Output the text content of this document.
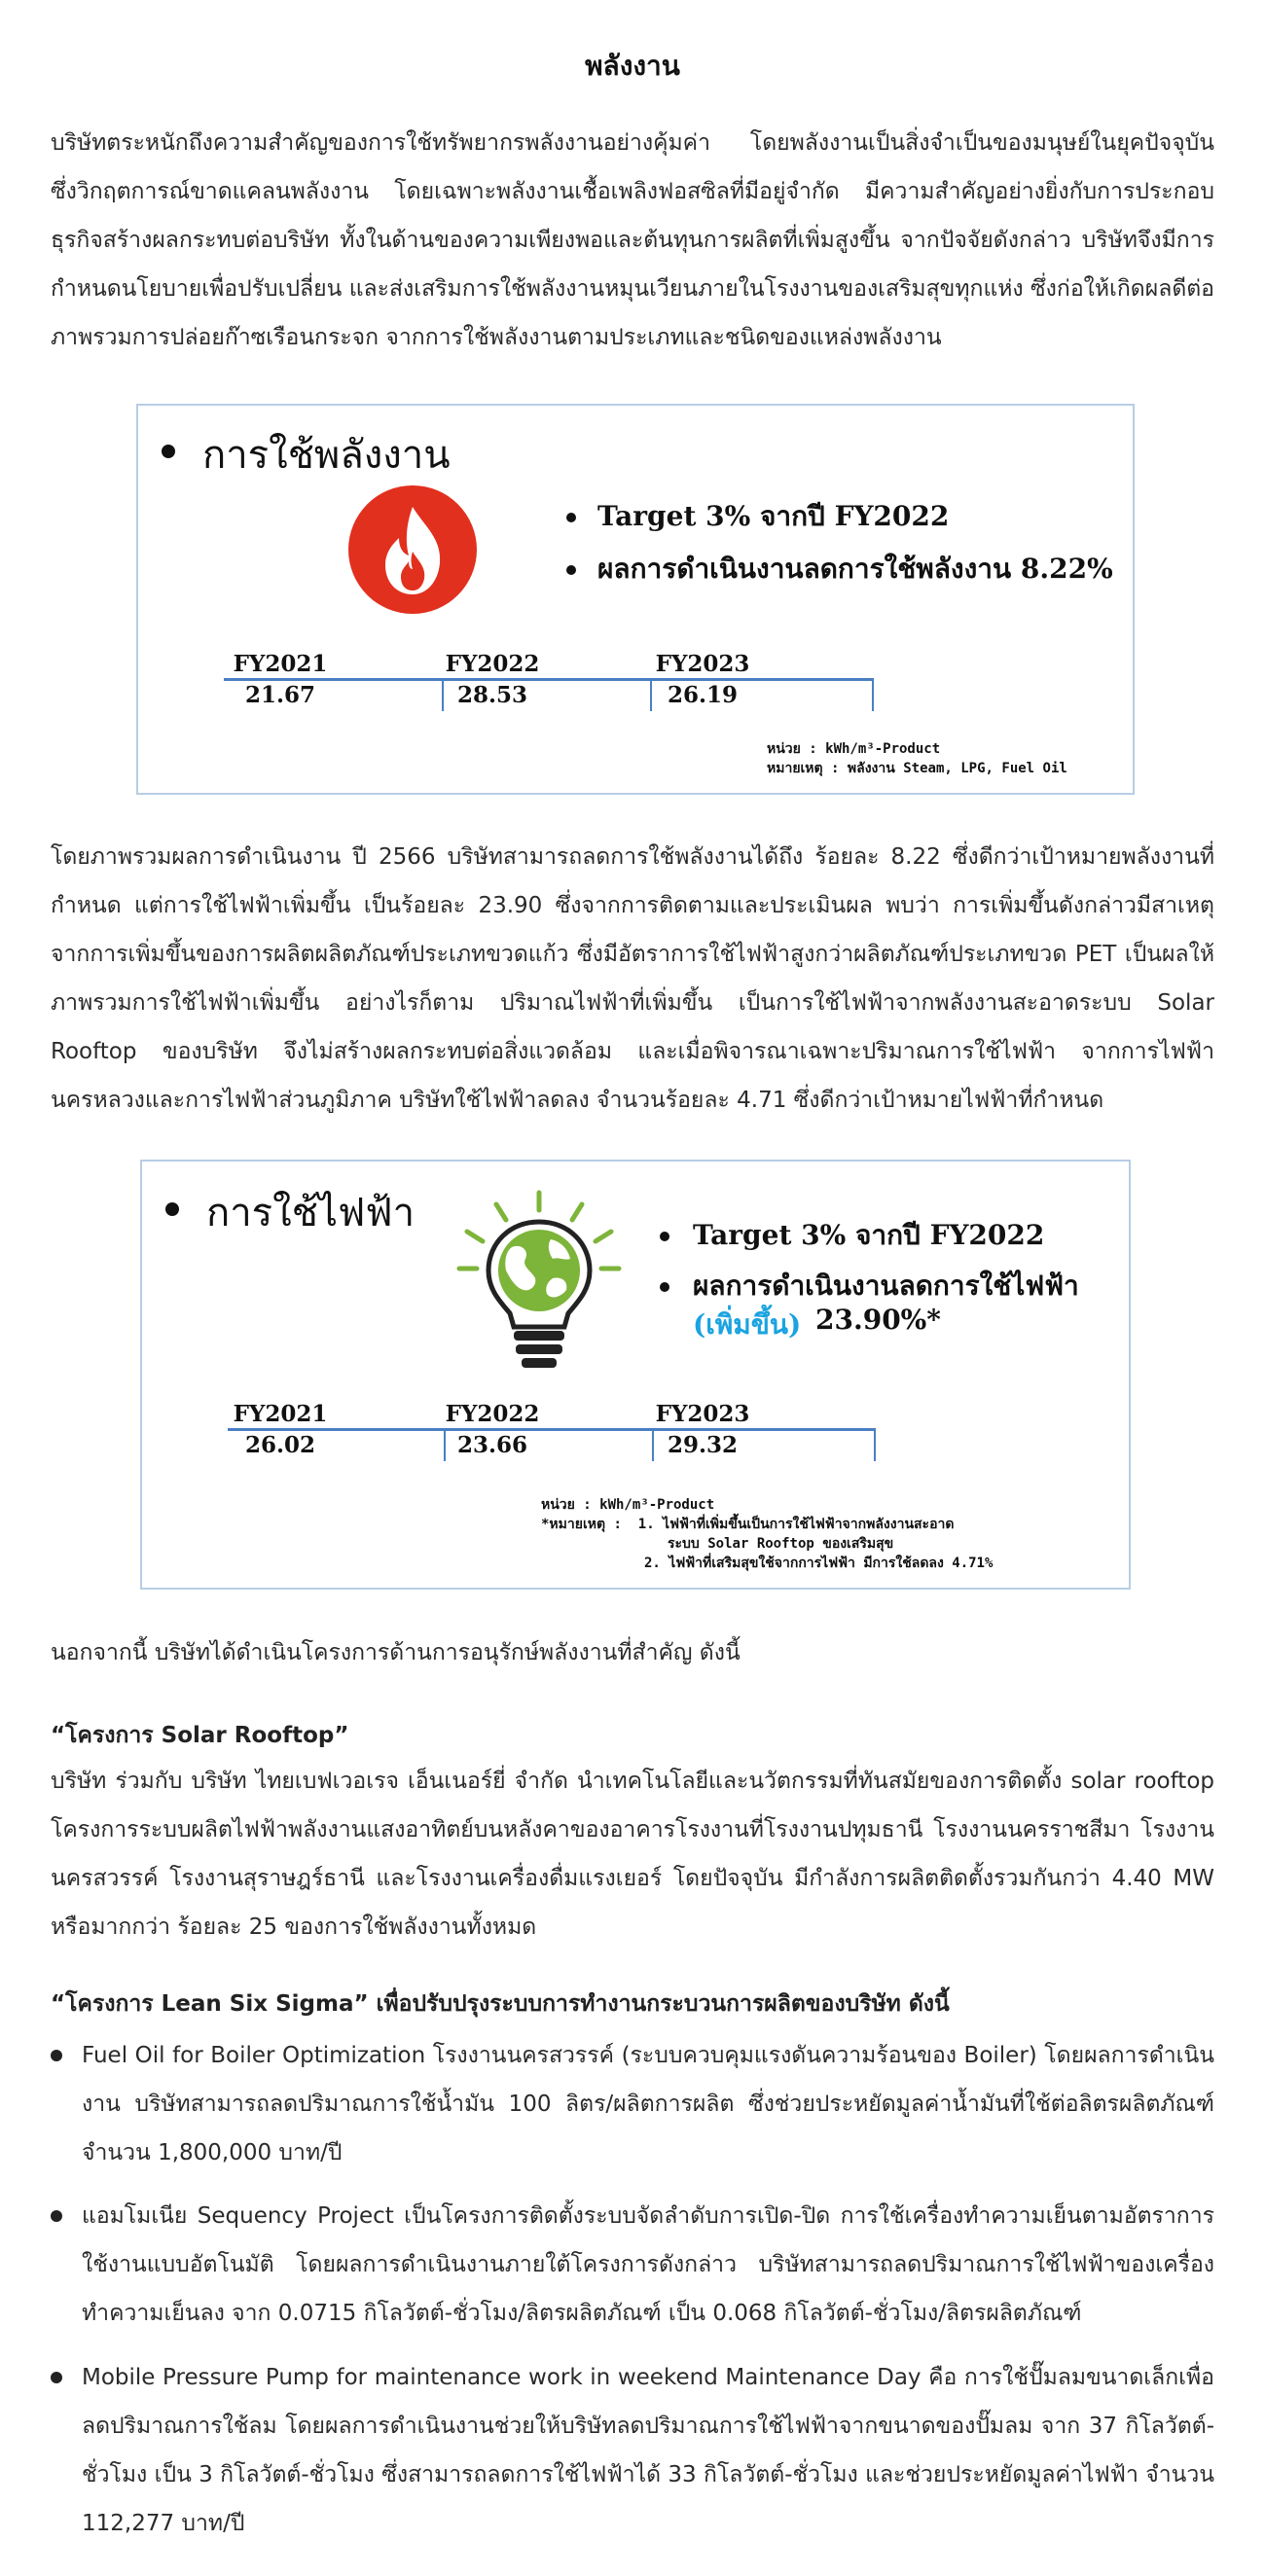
พลังงาน
บริษัทตระหนักถึงความสำคัญของการใช้ทรัพยากรพลังงานอย่างคุ้มค่า โดยพลังงานเป็นสิ่งจำเป็นของมนุษย์ในยุคปัจจุบัน ซึ่งวิกฤตการณ์ขาดแคลนพลังงาน โดยเฉพาะพลังงานเชื้อเพลิงฟอสซิลที่มีอยู่จำกัด มีความสำคัญอย่างยิ่งกับการประกอบธุรกิจสร้างผลกระทบต่อบริษัท ทั้งในด้านของความเพียงพอและต้นทุนการผลิตที่เพิ่มสูงขึ้น จากปัจจัยดังกล่าว บริษัทจึงมีการกำหนดนโยบายเพื่อปรับเปลี่ยน และส่งเสริมการใช้พลังงานหมุนเวียนภายในโรงงานของเสริมสุขทุกแห่ง ซึ่งก่อให้เกิดผลดีต่อภาพรวมการปล่อยก๊าซเรือนกระจก จากการใช้พลังงานตามประเภทและชนิดของแหล่งพลังงาน
การใช้พลังงาน
Target 3% จากปี FY2022
ผลการดำเนินงานลดการใช้พลังงาน 8.22%
FY2021	FY2022	FY2023
21.67	28.53	26.19
หน่วย : kWh/m³-Product
หมายเหตุ : พลังงาน Steam, LPG, Fuel Oil
โดยภาพรวมผลการดำเนินงาน ปี 2566 บริษัทสามารถลดการใช้พลังงานได้ถึง ร้อยละ 8.22 ซึ่งดีกว่าเป้าหมายพลังงานที่กำหนด แต่การใช้ไฟฟ้าเพิ่มขึ้น เป็นร้อยละ 23.90 ซึ่งจากการติดตามและประเมินผล พบว่า การเพิ่มขึ้นดังกล่าวมีสาเหตุจากการเพิ่มขึ้นของการผลิตผลิตภัณฑ์ประเภทขวดแก้ว ซึ่งมีอัตราการใช้ไฟฟ้าสูงกว่าผลิตภัณฑ์ประเภทขวด PET เป็นผลให้ภาพรวมการใช้ไฟฟ้าเพิ่มขึ้น อย่างไรก็ตาม ปริมาณไฟฟ้าที่เพิ่มขึ้น เป็นการใช้ไฟฟ้าจากพลังงานสะอาดระบบ Solar Rooftop ของบริษัท จึงไม่สร้างผลกระทบต่อสิ่งแวดล้อม และเมื่อพิจารณาเฉพาะปริมาณการใช้ไฟฟ้า จากการไฟฟ้านครหลวงและการไฟฟ้าส่วนภูมิภาค บริษัทใช้ไฟฟ้าลดลง จำนวนร้อยละ 4.71 ซึ่งดีกว่าเป้าหมายไฟฟ้าที่กำหนด
การใช้ไฟฟ้า	Target 3% จากปี FY2022
ผลการดำเนินงานลดการใช้ไฟฟ้า
(เพิ่มขึ้น) 23.90%*
FY2021	FY2022	FY2023
26.02	23.66	29.32
หน่วย : kWh/m³-Product
*หมายเหตุ :  1. ไฟฟ้าที่เพิ่มขึ้นเป็นการใช้ไฟฟ้าจากพลังงานสะอาด
ระบบ Solar Rooftop ของเสริมสุข
2. ไฟฟ้าที่เสริมสุขใช้จากการไฟฟ้า มีการใช้ลดลง 4.71%
นอกจากนี้ บริษัทได้ดำเนินโครงการด้านการอนุรักษ์พลังงานที่สำคัญ ดังนี้
“โครงการ Solar Rooftop”
บริษัท ร่วมกับ บริษัท ไทยเบฟเวอเรจ เอ็นเนอร์ยี่ จำกัด นำเทคโนโลยีและนวัตกรรมที่ทันสมัยของการติดตั้ง solar rooftop โครงการระบบผลิตไฟฟ้าพลังงานแสงอาทิตย์บนหลังคาของอาคารโรงงานที่โรงงานปทุมธานี โรงงานนครราชสีมา โรงงานนครสวรรค์ โรงงานสุราษฎร์ธานี และโรงงานเครื่องดื่มแรงเยอร์ โดยปัจจุบัน มีกำลังการผลิตติดตั้งรวมกันกว่า 4.40 MW หรือมากกว่า ร้อยละ 25 ของการใช้พลังงานทั้งหมด
“โครงการ Lean Six Sigma” เพื่อปรับปรุงระบบการทำงานกระบวนการผลิตของบริษัท ดังนี้
Fuel Oil for Boiler Optimization โรงงานนครสวรรค์ (ระบบควบคุมแรงดันความร้อนของ Boiler) โดยผลการดำเนินงาน บริษัทสามารถลดปริมาณการใช้น้ำมัน 100 ลิตร/ผลิตการผลิต ซึ่งช่วยประหยัดมูลค่าน้ำมันที่ใช้ต่อลิตรผลิตภัณฑ์ จำนวน 1,800,000 บาท/ปี
แอมโมเนีย Sequency Project เป็นโครงการติดตั้งระบบจัดลำดับการเปิด-ปิด การใช้เครื่องทำความเย็นตามอัตราการใช้งานแบบอัตโนมัติ โดยผลการดำเนินงานภายใต้โครงการดังกล่าว บริษัทสามารถลดปริมาณการใช้ไฟฟ้าของเครื่องทำความเย็นลง จาก 0.0715 กิโลวัตต์-ชั่วโมง/ลิตรผลิตภัณฑ์ เป็น 0.068 กิโลวัตต์-ชั่วโมง/ลิตรผลิตภัณฑ์
Mobile Pressure Pump for maintenance work in weekend Maintenance Day คือ การใช้ปั๊มลมขนาดเล็กเพื่อลดปริมาณการใช้ลม โดยผลการดำเนินงานช่วยให้บริษัทลดปริมาณการใช้ไฟฟ้าจากขนาดของปั๊มลม จาก 37 กิโลวัตต์-ชั่วโมง เป็น 3 กิโลวัตต์-ชั่วโมง ซึ่งสามารถลดการใช้ไฟฟ้าได้ 33 กิโลวัตต์-ชั่วโมง และช่วยประหยัดมูลค่าไฟฟ้า จำนวน 112,277 บาท/ปี
